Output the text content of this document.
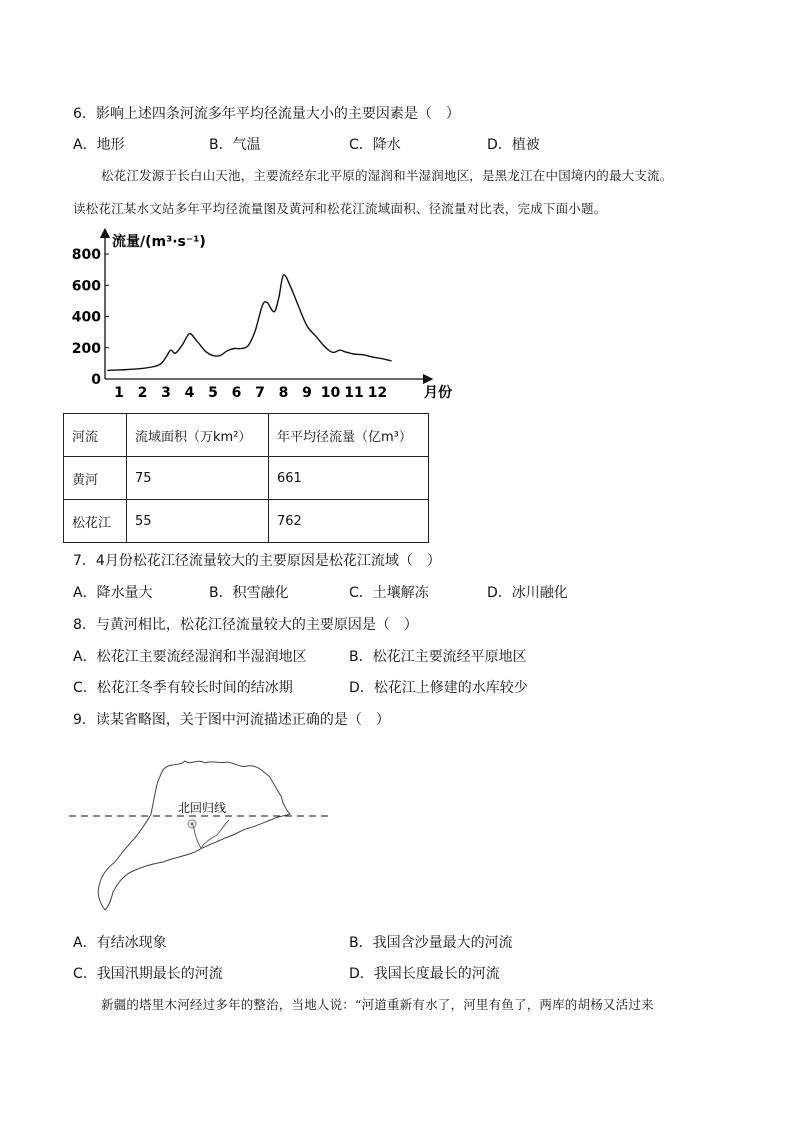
6．影响上述四条河流多年平均径流量大小的主要因素是（　）
A．地形	B．气温	C．降水	D．植被
松花江发源于长白山天池，主要流经东北平原的湿润和半湿润地区，是黑龙江在中国境内的最大支流。
读松花江某水文站多年平均径流量图及黄河和松花江流域面积、径流量对比表，完成下面小题。
流量/(m³·s⁻¹)
月份
0
200
400
600
800
1 2 3 4 5 6 7 8 9 10 11 12
河流	流域面积（万km²）	年平均径流量（亿m³）
黄河	75	661
松花江	55	762
7．4月份松花江径流量较大的主要原因是松花江流域（　）
A．降水量大	B．积雪融化	C．土壤解冻	D．冰川融化
8．与黄河相比，松花江径流量较大的主要原因是（　）
A．松花江主要流经湿润和半湿润地区	B．松花江主要流经平原地区
C．松花江冬季有较长时间的结冰期	D．松花江上修建的水库较少
9．读某省略图，关于图中河流描述正确的是（　）
北回归线
A．有结冰现象	B．我国含沙量最大的河流
C．我国汛期最长的河流	D．我国长度最长的河流
新疆的塔里木河经过多年的整治，当地人说：“河道重新有水了，河里有鱼了，两库的胡杨又活过来
